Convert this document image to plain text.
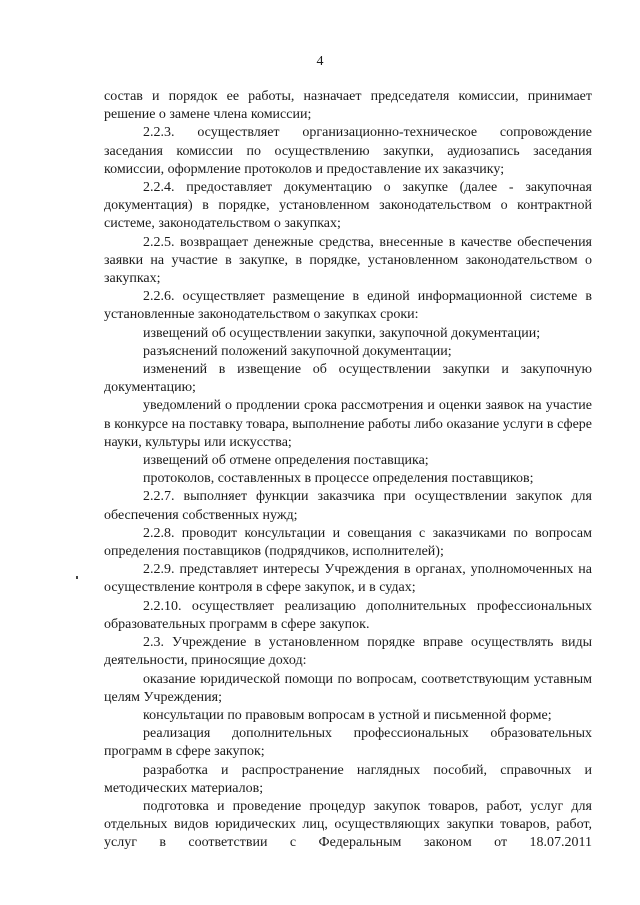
4

состав и порядок ее работы, назначает председателя комиссии, принимает решение о замене члена комиссии;

2.2.3. осуществляет организационно-техническое сопровождение заседания комиссии по осуществлению закупки, аудиозапись заседания комиссии, оформление протоколов и предоставление их заказчику;

2.2.4. предоставляет документацию о закупке (далее - закупочная документация) в порядке, установленном законодательством о контрактной системе, законодательством о закупках;

2.2.5. возвращает денежные средства, внесенные в качестве обеспечения заявки на участие в закупке, в порядке, установленном законодательством о закупках;

2.2.6. осуществляет размещение в единой информационной системе в установленные законодательством о закупках сроки:

извещений об осуществлении закупки, закупочной документации;

разъяснений положений закупочной документации;

изменений в извещение об осуществлении закупки и закупочную документацию;

уведомлений о продлении срока рассмотрения и оценки заявок на участие в конкурсе на поставку товара, выполнение работы либо оказание услуги в сфере науки, культуры или искусства;

извещений об отмене определения поставщика;

протоколов, составленных в процессе определения поставщиков;

2.2.7. выполняет функции заказчика при осуществлении закупок для обеспечения собственных нужд;

2.2.8. проводит консультации и совещания с заказчиками по вопросам определения поставщиков (подрядчиков, исполнителей);

2.2.9. представляет интересы Учреждения в органах, уполномоченных на осуществление контроля в сфере закупок, и в судах;

2.2.10. осуществляет реализацию дополнительных профессиональных образовательных программ в сфере закупок.

2.3. Учреждение в установленном порядке вправе осуществлять виды деятельности, приносящие доход:

оказание юридической помощи по вопросам, соответствующим уставным целям Учреждения;

консультации по правовым вопросам в устной и письменной форме;

реализация дополнительных профессиональных образовательных программ в сфере закупок;

разработка и распространение наглядных пособий, справочных и методических материалов;

подготовка и проведение процедур закупок товаров, работ, услуг для отдельных видов юридических лиц, осуществляющих закупки товаров, работ, услуг в соответствии с Федеральным законом от 18.07.2011
